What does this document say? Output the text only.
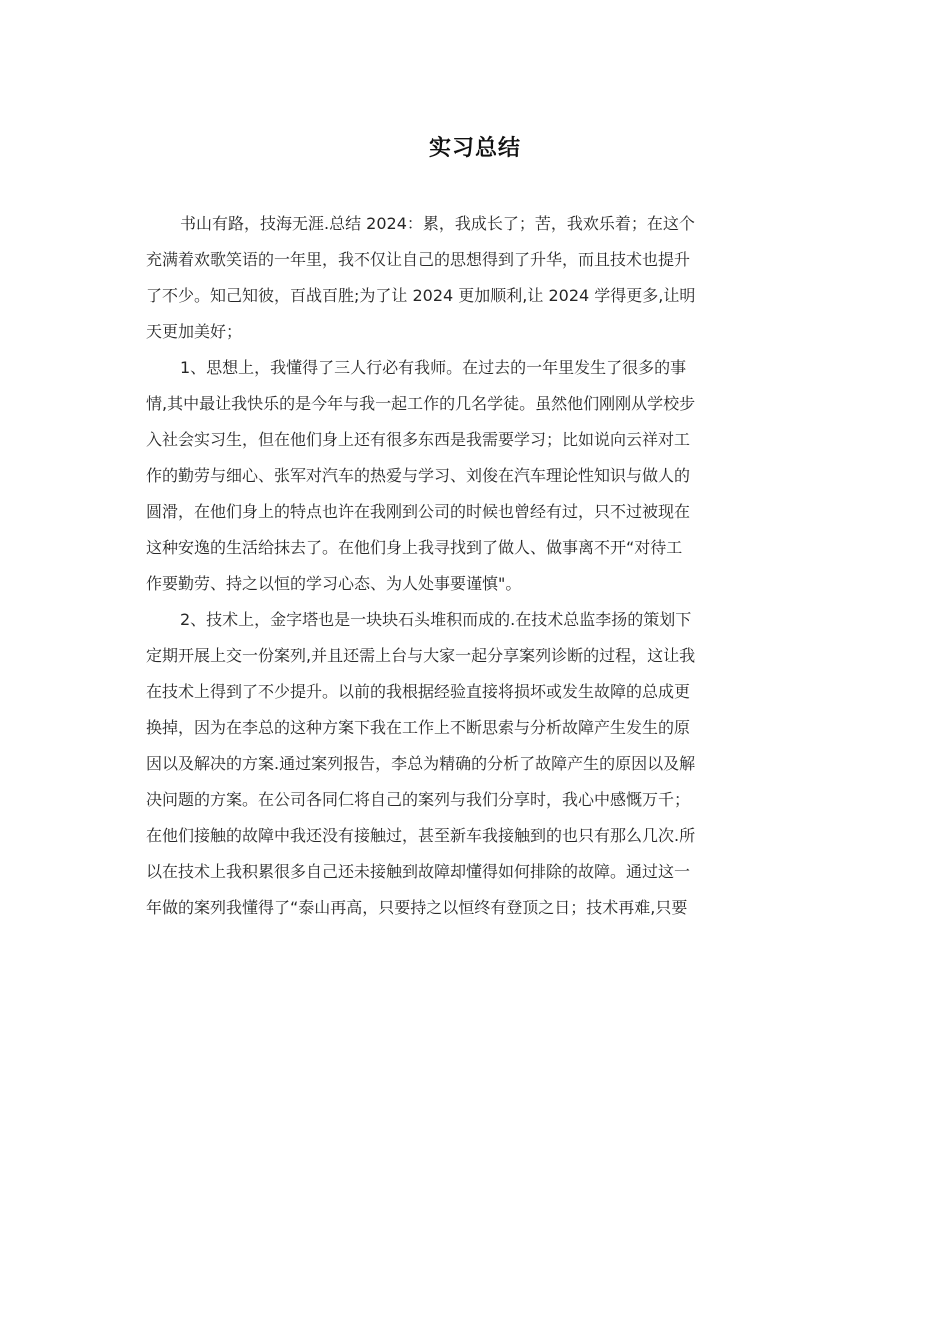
实习总结
书山有路，技海无涯.总结 2024：累，我成长了；苦，我欢乐着；在这个
充满着欢歌笑语的一年里，我不仅让自己的思想得到了升华，而且技术也提升
了不少。知己知彼，百战百胜;为了让 2024 更加顺利,让 2024 学得更多,让明
天更加美好；
1、思想上，我懂得了三人行必有我师。在过去的一年里发生了很多的事
情,其中最让我快乐的是今年与我一起工作的几名学徒。虽然他们刚刚从学校步
入社会实习生，但在他们身上还有很多东西是我需要学习；比如说向云祥对工
作的勤劳与细心、张军对汽车的热爱与学习、刘俊在汽车理论性知识与做人的
圆滑，在他们身上的特点也许在我刚到公司的时候也曾经有过，只不过被现在
这种安逸的生活给抹去了。在他们身上我寻找到了做人、做事离不开“对待工
作要勤劳、持之以恒的学习心态、为人处事要谨慎"。
2、技术上，金字塔也是一块块石头堆积而成的.在技术总监李扬的策划下
定期开展上交一份案列,并且还需上台与大家一起分享案列诊断的过程，这让我
在技术上得到了不少提升。以前的我根据经验直接将损坏或发生故障的总成更
换掉，因为在李总的这种方案下我在工作上不断思索与分析故障产生发生的原
因以及解决的方案.通过案列报告，李总为精确的分析了故障产生的原因以及解
决问题的方案。在公司各同仁将自己的案列与我们分享时，我心中感慨万千；
在他们接触的故障中我还没有接触过，甚至新车我接触到的也只有那么几次.所
以在技术上我积累很多自己还未接触到故障却懂得如何排除的故障。通过这一
年做的案列我懂得了“泰山再高，只要持之以恒终有登顶之日；技术再难,只要
